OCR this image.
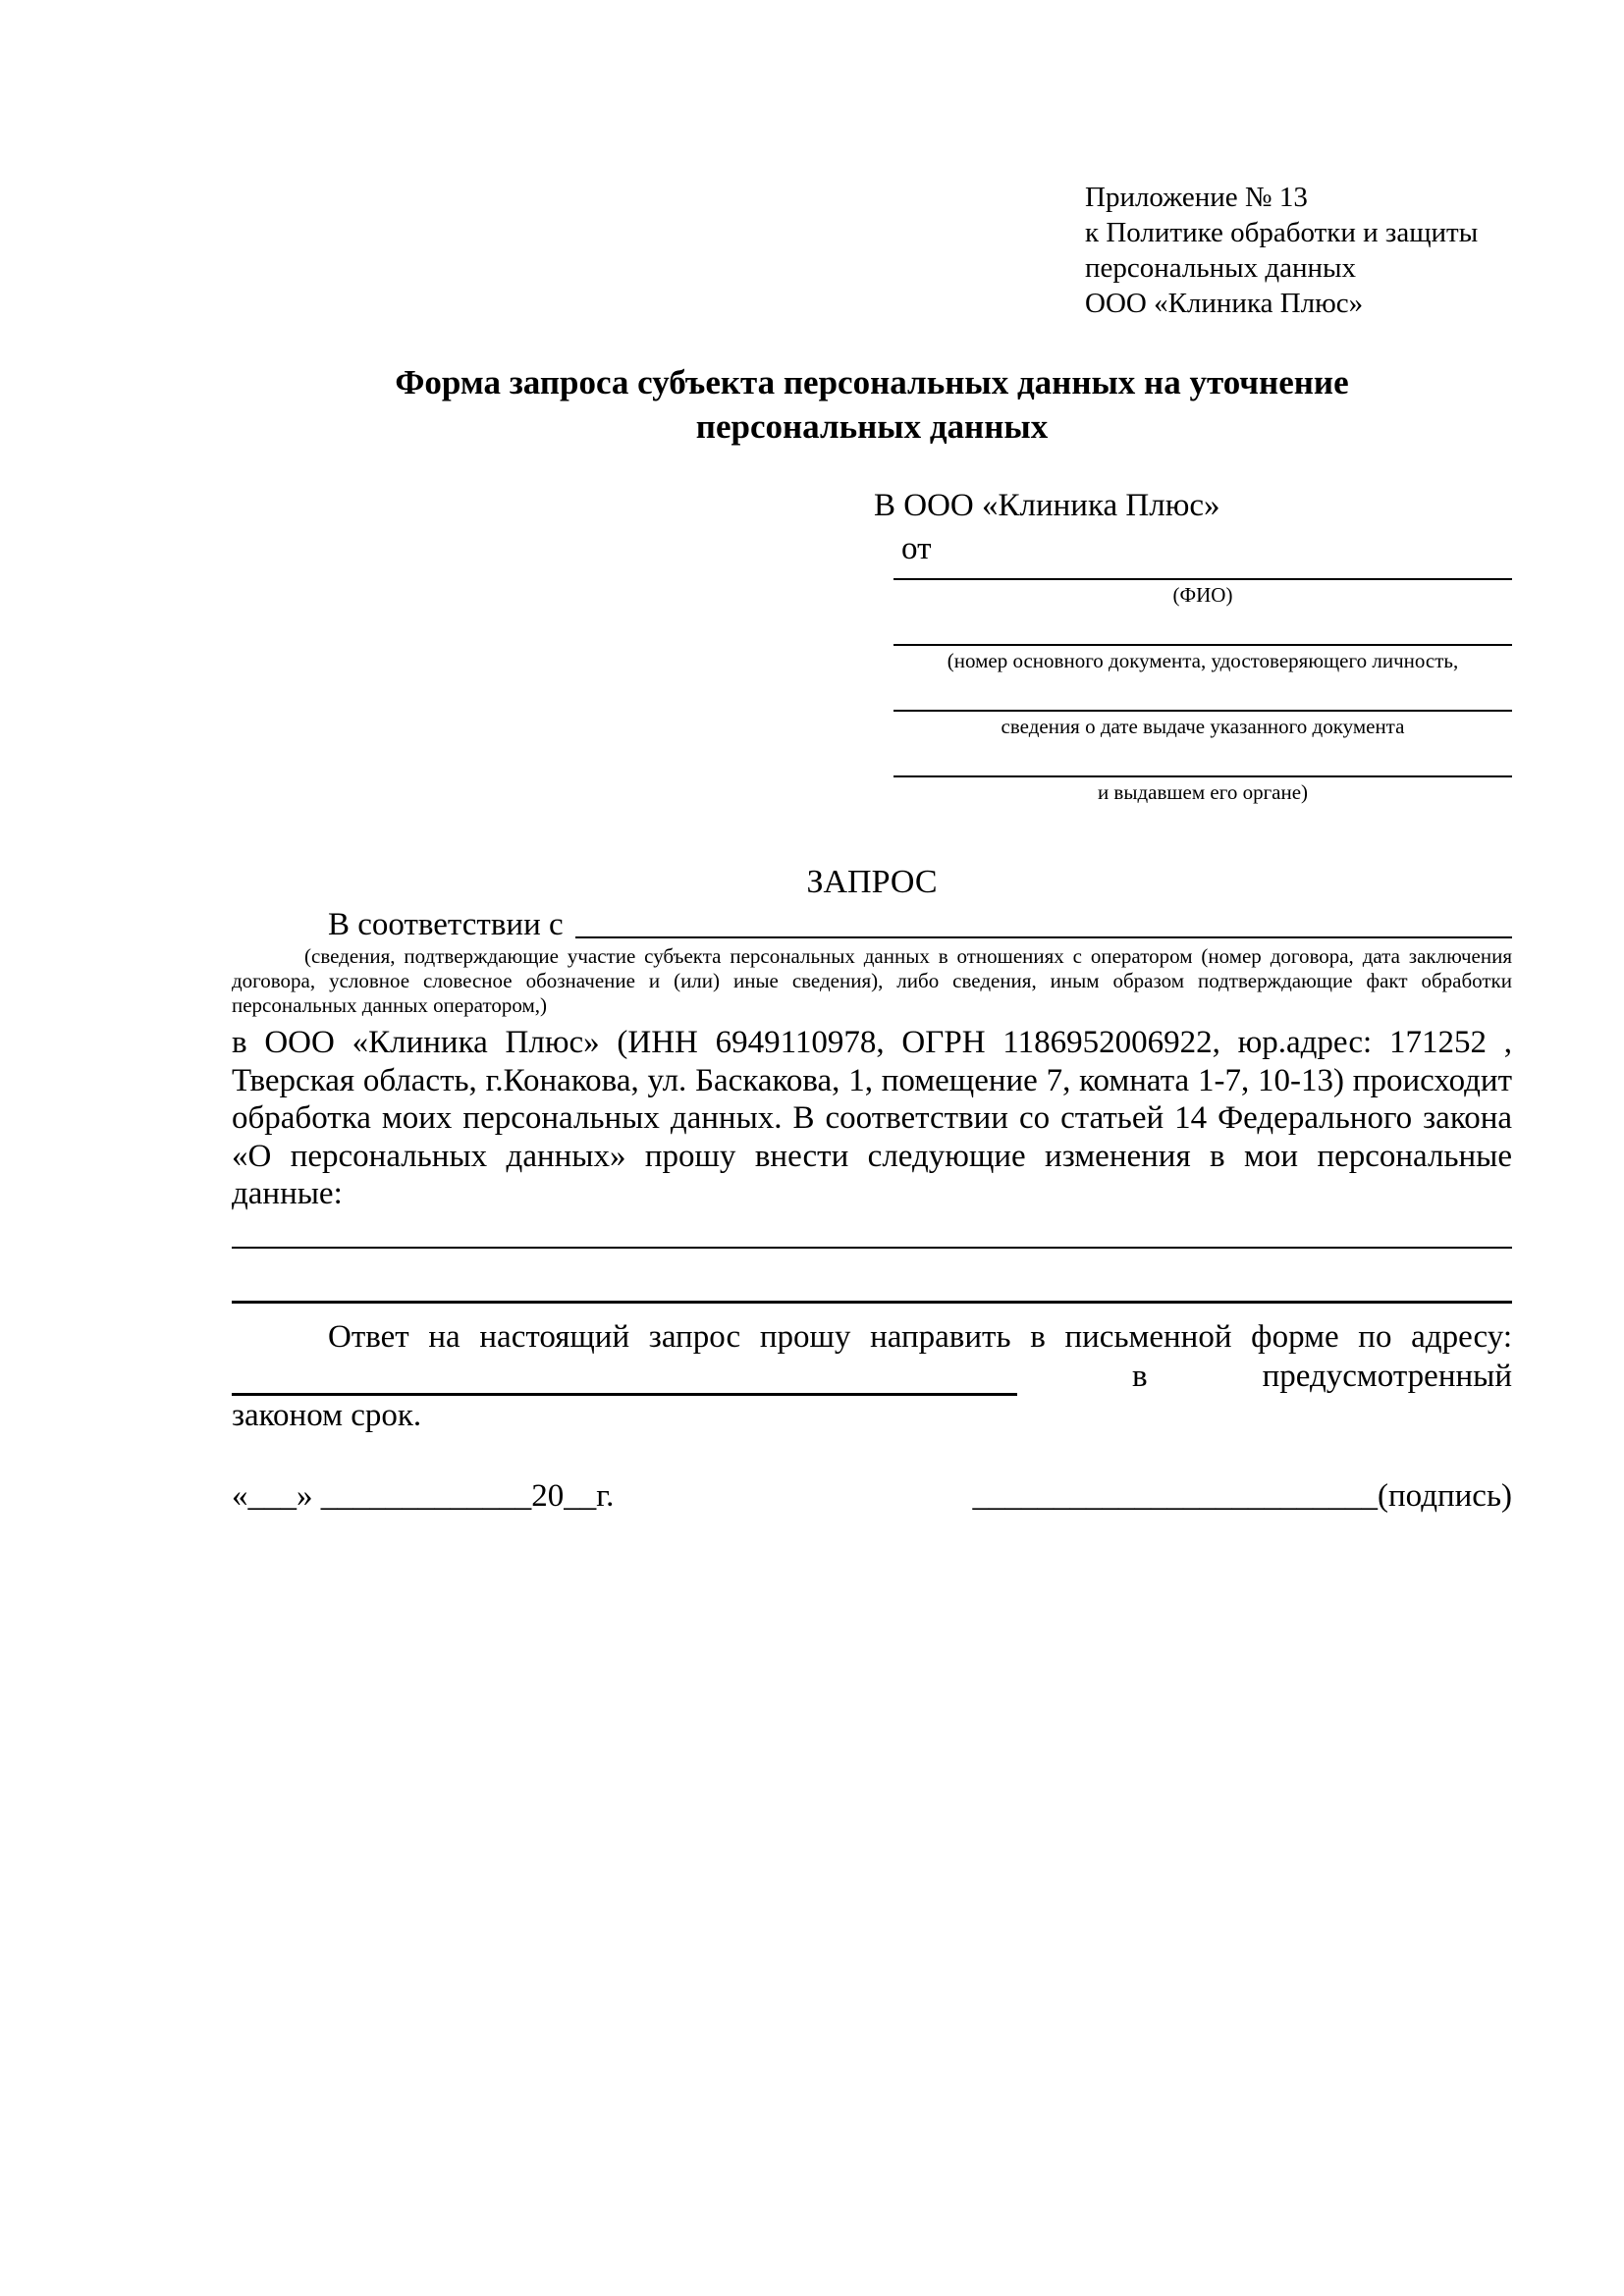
Приложение № 13
к Политике обработки и защиты
персональных данных
ООО «Клиника Плюс»
Форма запроса субъекта персональных данных на уточнение
персональных данных
В ООО «Клиника Плюс»
от
(ФИО)
(номер основного документа, удостоверяющего личность,
сведения о дате выдаче указанного документа
и выдавшем его органе)
ЗАПРОС
В соответствии с
(сведения, подтверждающие участие субъекта персональных данных в отношениях с оператором (номер договора, дата заключения договора, условное словесное обозначение и (или) иные сведения), либо сведения, иным образом подтверждающие факт обработки персональных данных оператором,)
в ООО «Клиника Плюс» (ИНН 6949110978, ОГРН 1186952006922, юр.адрес: 171252 , Тверская область, г.Конакова, ул. Баскакова, 1, помещение 7, комната 1-7, 10-13) происходит обработка моих персональных данных. В соответствии со статьей 14 Федерального закона «О персональных данных» прошу внести следующие изменения в мои персональные данные:
Ответ на настоящий запрос прошу направить в письменной форме по адресу:
в	предусмотренный
законом срок.
«___» _____________20__г.	_________________________(подпись)
